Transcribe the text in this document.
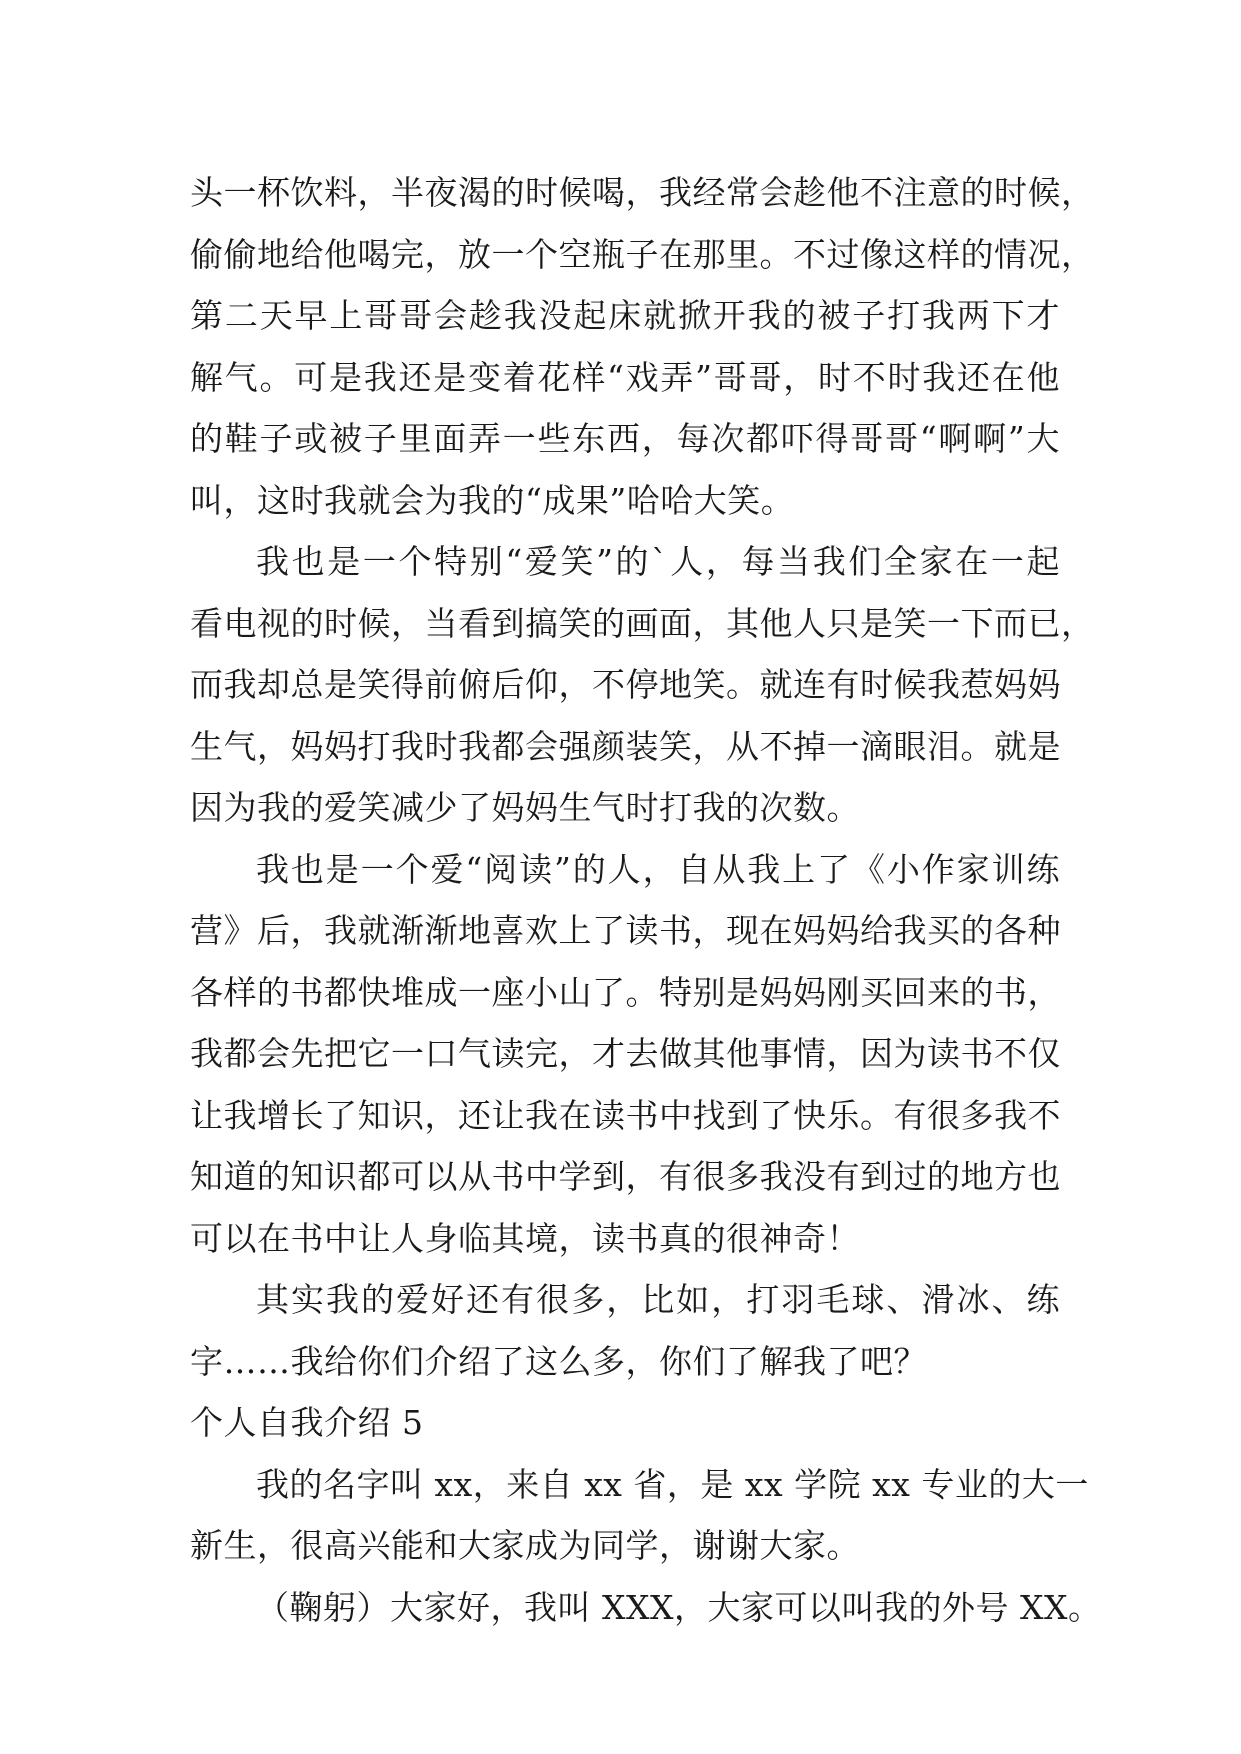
头一杯饮料，半夜渴的时候喝，我经常会趁他不注意的时候，
偷偷地给他喝完，放一个空瓶子在那里。不过像这样的情况，
第二天早上哥哥会趁我没起床就掀开我的被子打我两下才
解气。可是我还是变着花样“戏弄”哥哥，时不时我还在他
的鞋子或被子里面弄一些东西，每次都吓得哥哥“啊啊”大
叫，这时我就会为我的“成果”哈哈大笑。
我也是一个特别“爱笑”的`人，每当我们全家在一起
看电视的时候，当看到搞笑的画面，其他人只是笑一下而已，
而我却总是笑得前俯后仰，不停地笑。就连有时候我惹妈妈
生气，妈妈打我时我都会强颜装笑，从不掉一滴眼泪。就是
因为我的爱笑减少了妈妈生气时打我的次数。
我也是一个爱“阅读”的人，自从我上了《小作家训练
营》后，我就渐渐地喜欢上了读书，现在妈妈给我买的各种
各样的书都快堆成一座小山了。特别是妈妈刚买回来的书，
我都会先把它一口气读完，才去做其他事情，因为读书不仅
让我增长了知识，还让我在读书中找到了快乐。有很多我不
知道的知识都可以从书中学到，有很多我没有到过的地方也
可以在书中让人身临其境，读书真的很神奇！
其实我的爱好还有很多，比如，打羽毛球、滑冰、练
字……我给你们介绍了这么多，你们了解我了吧？
个人自我介绍 5
我的名字叫 xx，来自 xx 省，是 xx 学院 xx 专业的大一
新生，很高兴能和大家成为同学，谢谢大家。
（鞠躬）大家好，我叫 XXX，大家可以叫我的外号 XX。
